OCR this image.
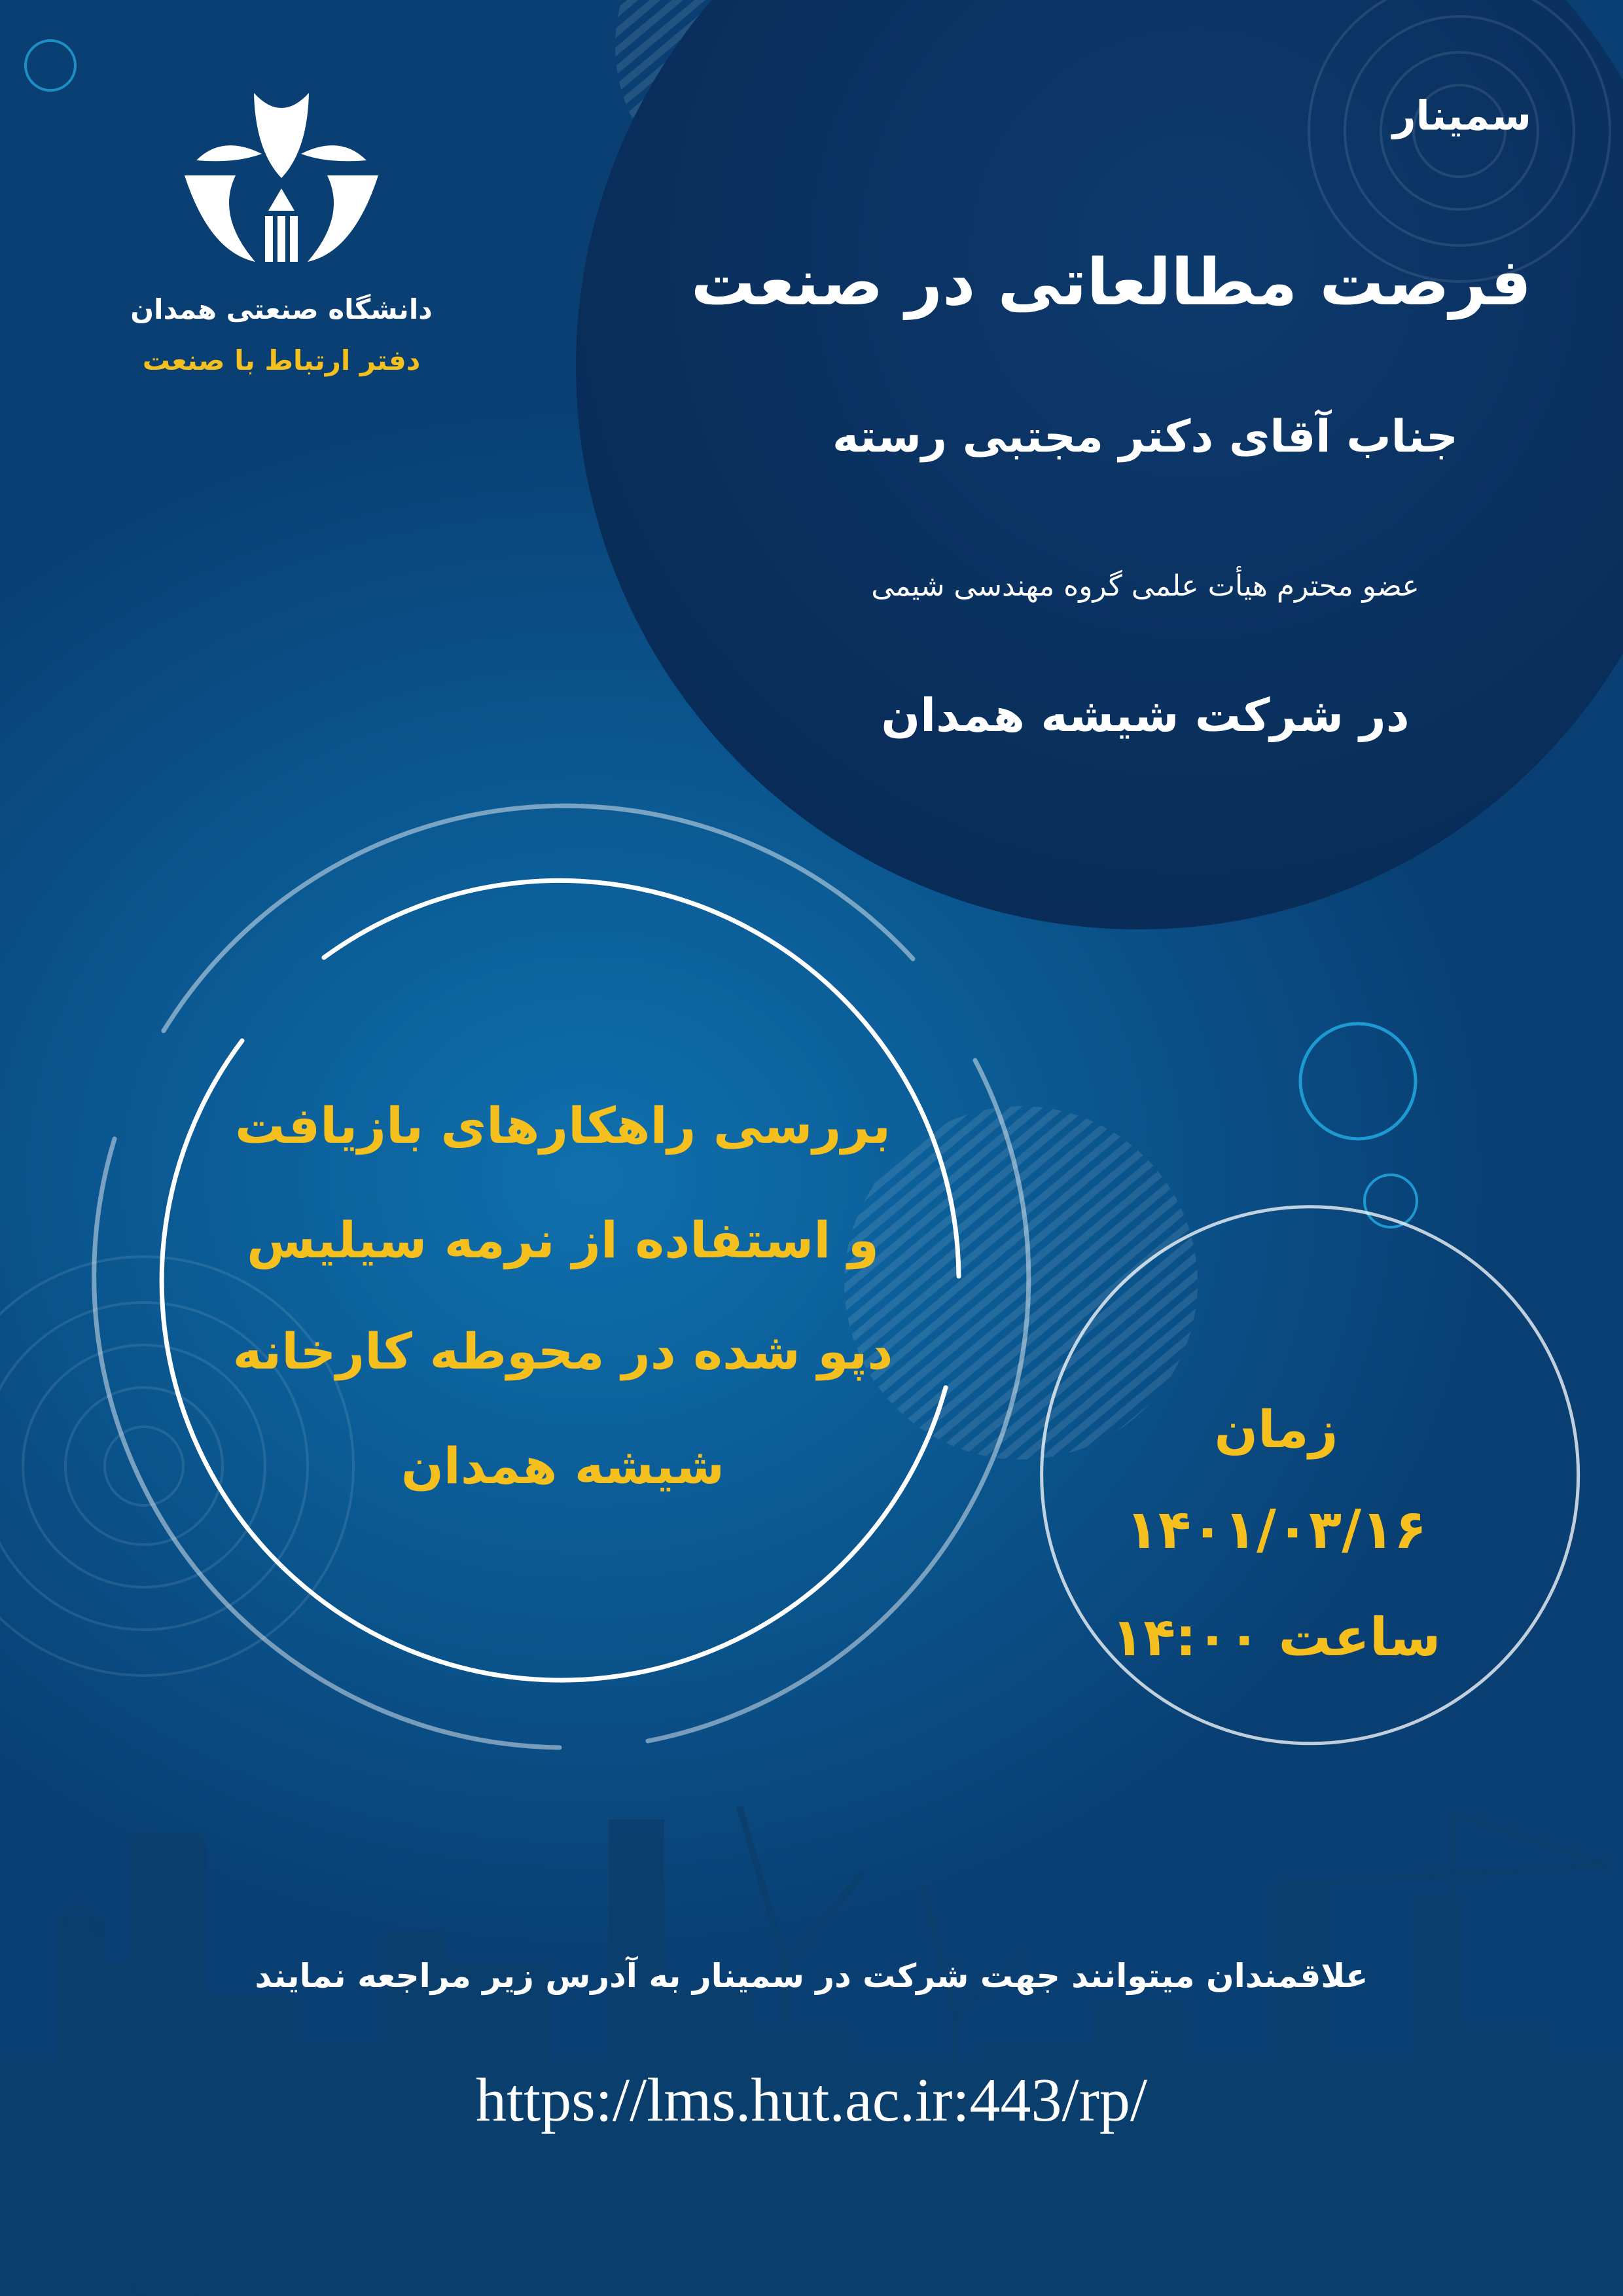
دانشگاه صنعتی همدان

دفتر ارتباط با صنعت

سمینار

فرصت مطالعاتی در صنعت

جناب آقای دکتر مجتبی رسته

عضو محترم هیأت علمی گروه مهندسی شیمی

در شرکت شیشه همدان

بررسی راهکارهای بازیافت

و استفاده از نرمه سیلیس

دپو شده در محوطه کارخانه

شیشه همدان

زمان

۱۴۰۱/۰۳/۱۶

ساعت ۱۴:۰۰

علاقمندان میتوانند جهت شرکت در سمینار به آدرس زیر مراجعه نمایند

https://lms.hut.ac.ir:443/rp/
